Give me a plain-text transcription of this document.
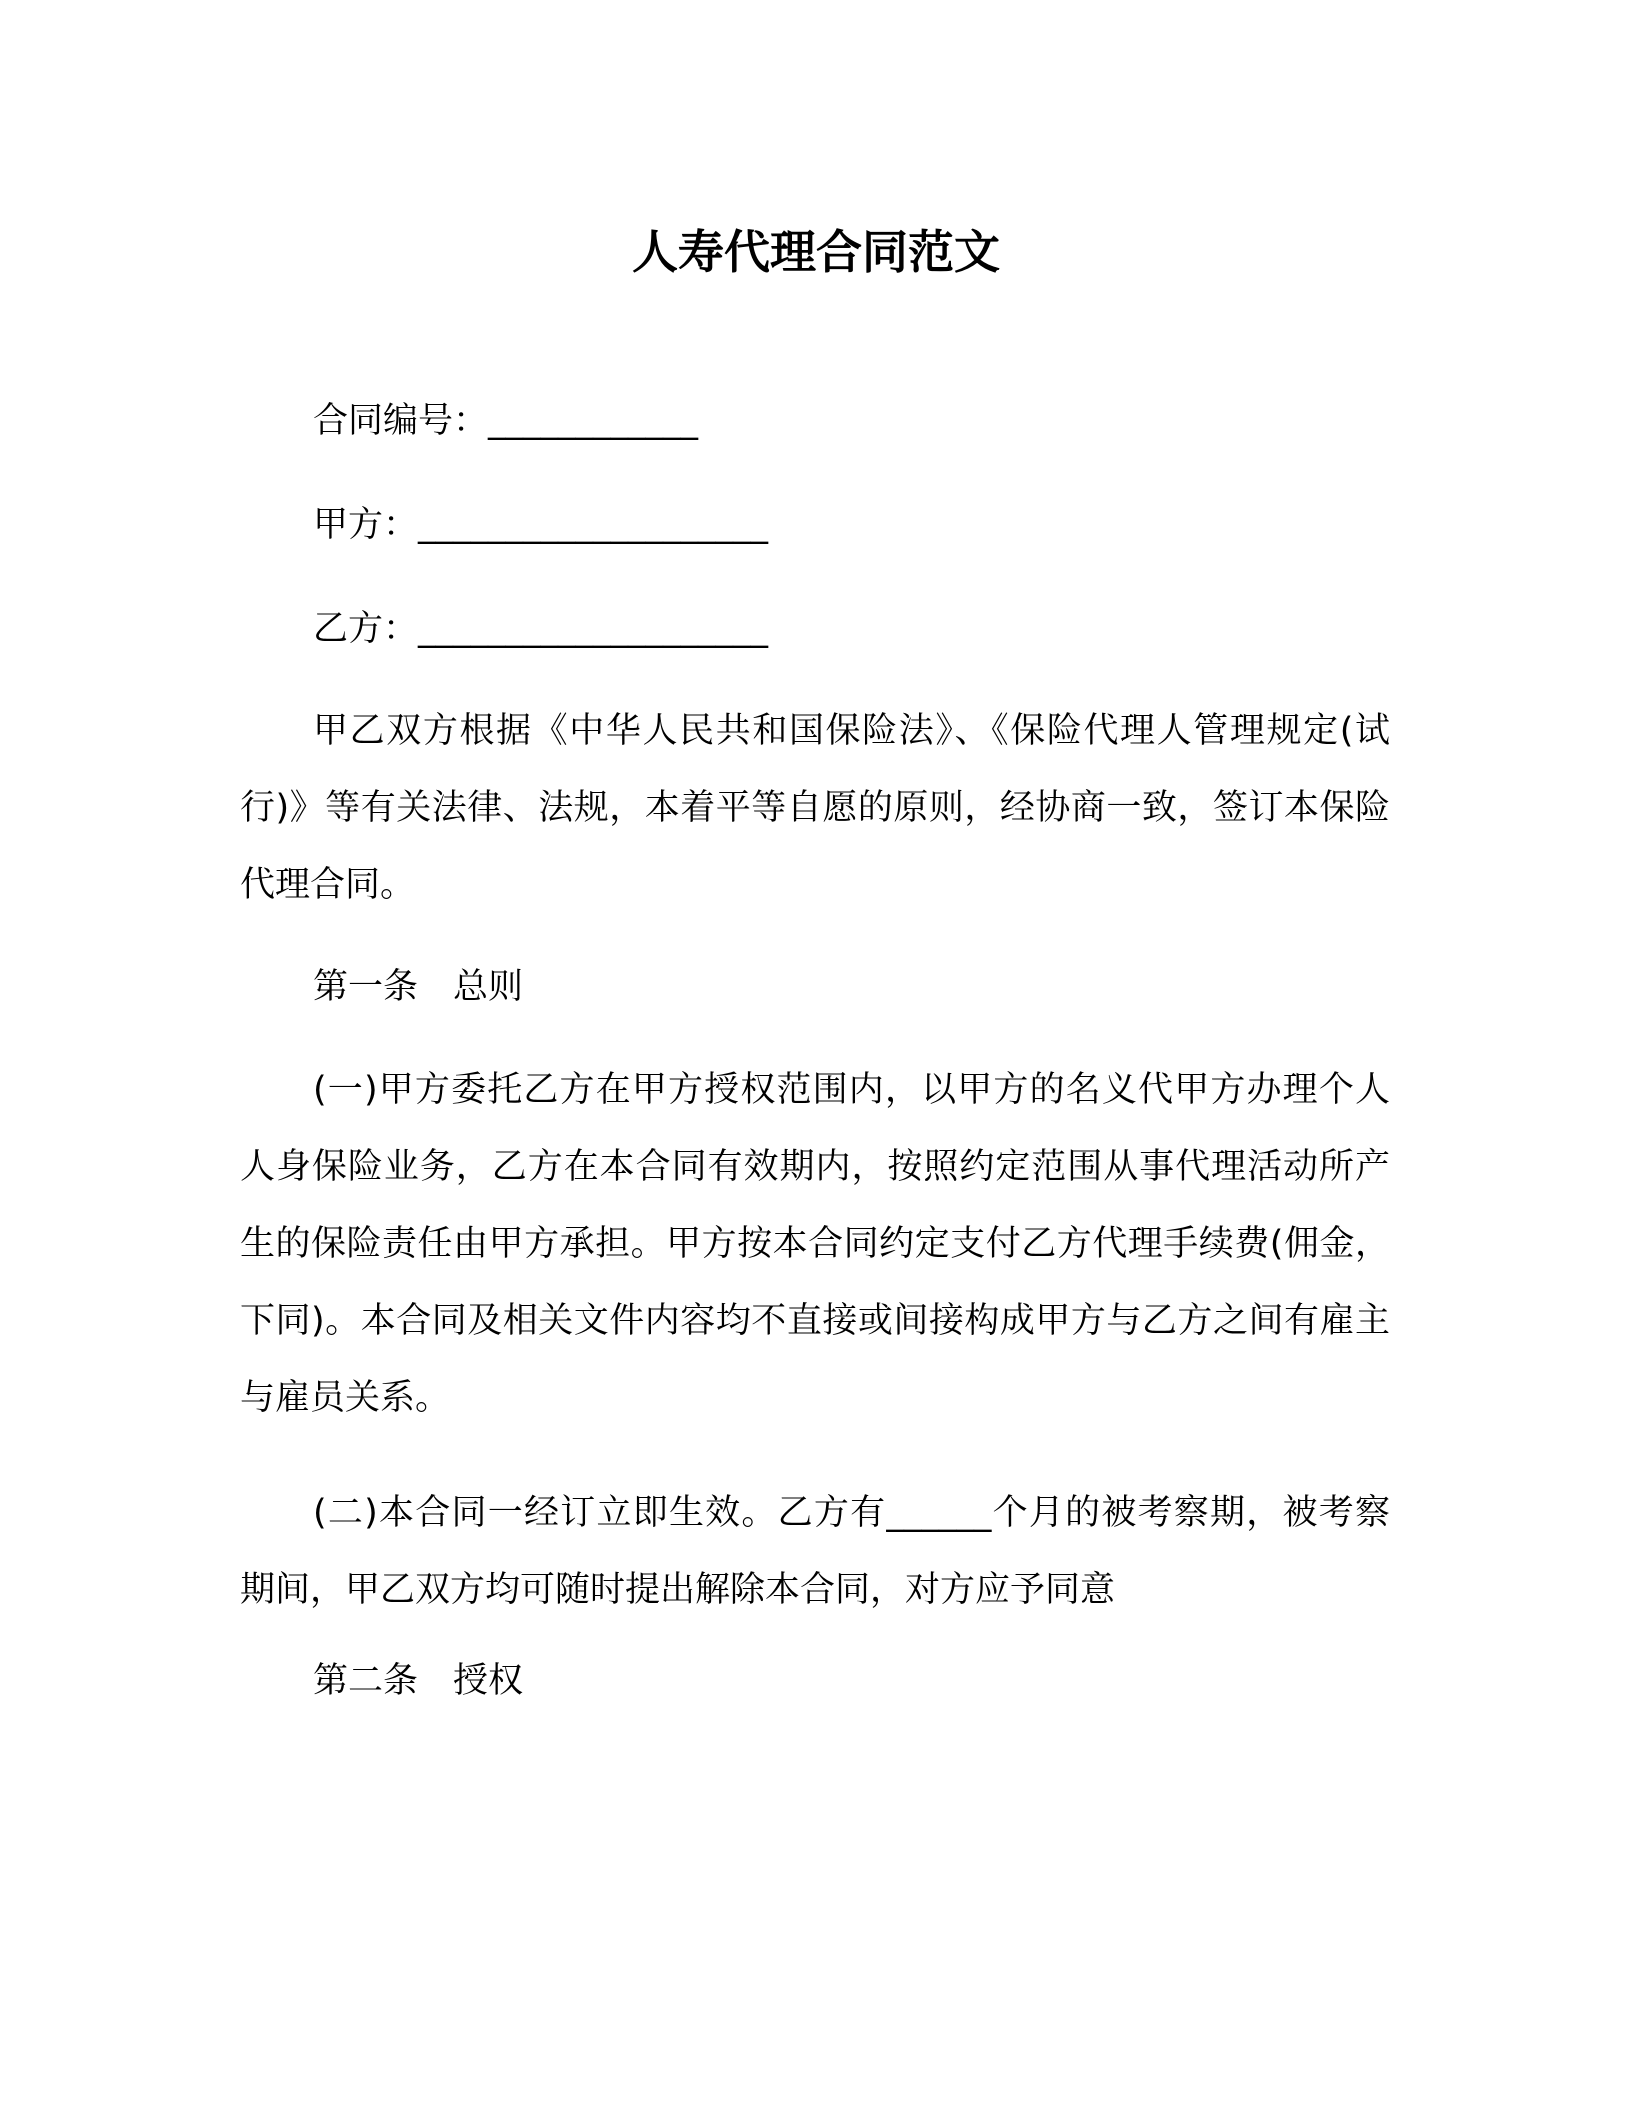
人寿代理合同范文
合同编号：____________
甲方：____________________
乙方：____________________
甲乙双方根据《中华人民共和国保险法》、《保险代理人管理规定(试行)》等有关法律、法规，本着平等自愿的原则，经协商一致，签订本保险代理合同。
第一条　总则
(一)甲方委托乙方在甲方授权范围内，以甲方的名义代甲方办理个人人身保险业务，乙方在本合同有效期内，按照约定范围从事代理活动所产生的保险责任由甲方承担。甲方按本合同约定支付乙方代理手续费(佣金，下同)。本合同及相关文件内容均不直接或间接构成甲方与乙方之间有雇主与雇员关系。
(二)本合同一经订立即生效。乙方有______个月的被考察期，被考察期间，甲乙双方均可随时提出解除本合同，对方应予同意
第二条　授权
